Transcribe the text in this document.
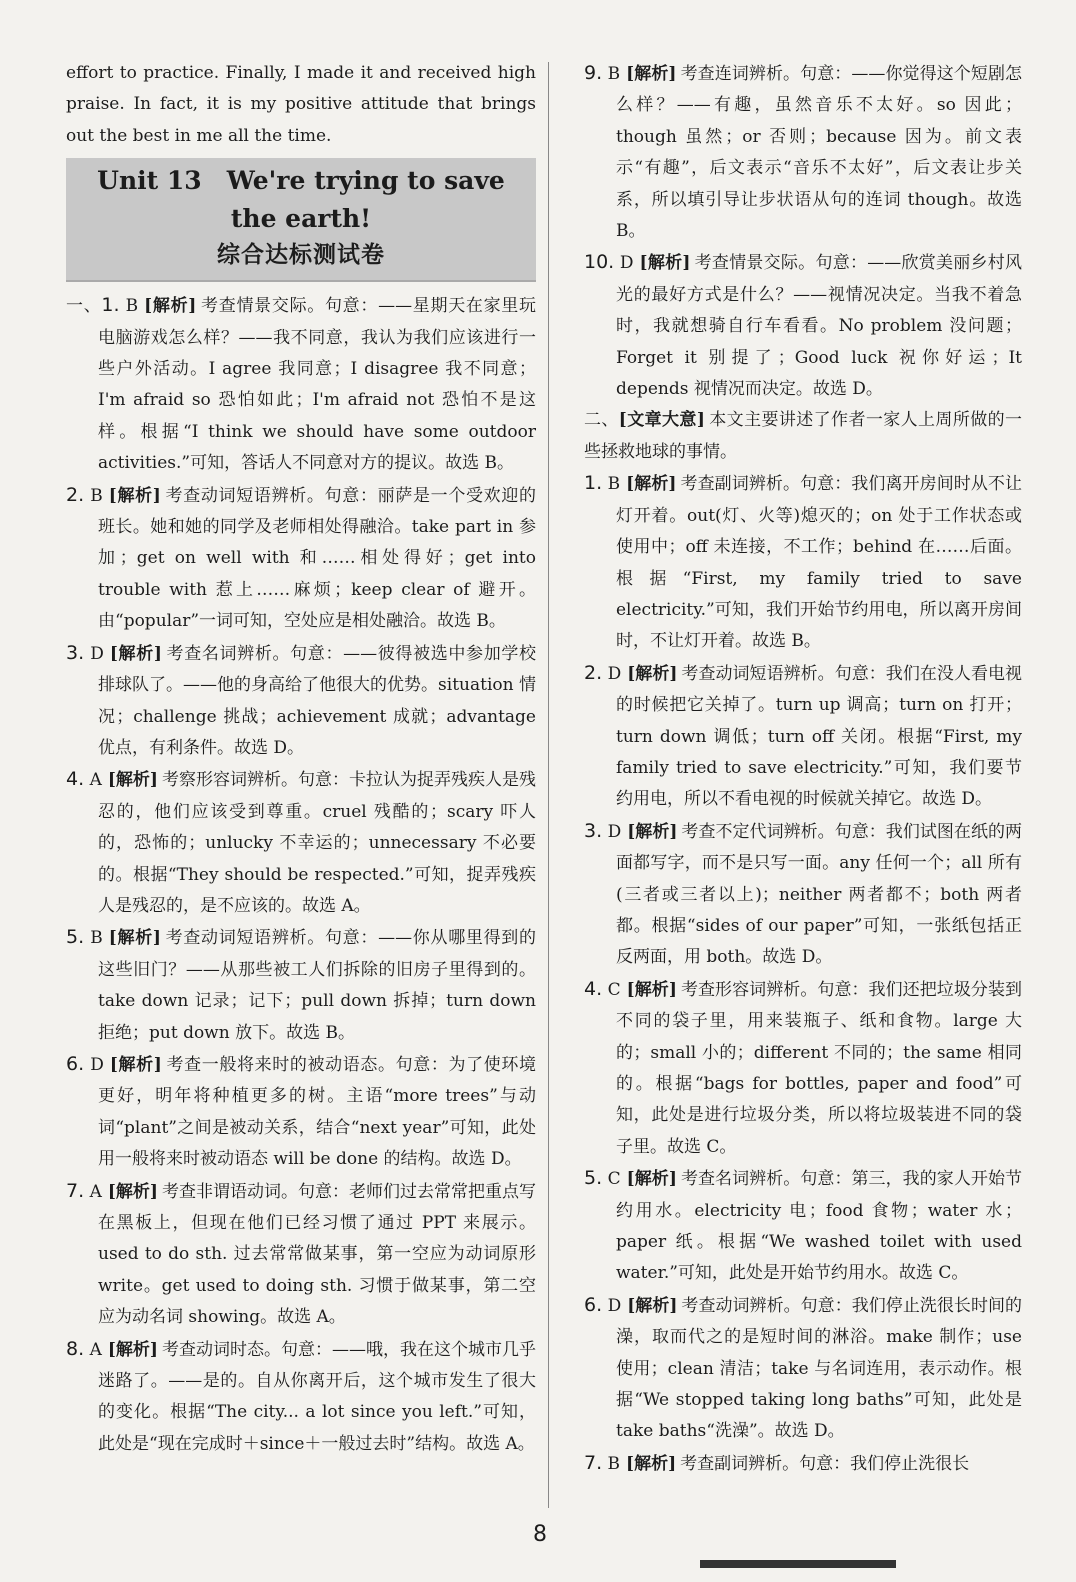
effort to practice. Finally, I made it and received high praise. In fact, it is my positive attitude that brings out the best in me all the time.

Unit 13　We're trying to save the earth!
综合达标测试卷

一、1. B [解析] 考查情景交际。句意：——星期天在家里玩电脑游戏怎么样？——我不同意，我认为我们应该进行一些户外活动。I agree 我同意；I disagree 我不同意；I'm afraid so 恐怕如此；I'm afraid not 恐怕不是这样。根据“I think we should have some outdoor activities.”可知，答话人不同意对方的提议。故选 B。

2. B [解析] 考查动词短语辨析。句意：丽萨是一个受欢迎的班长。她和她的同学及老师相处得融洽。take part in 参加；get on well with 和……相处得好；get into trouble with 惹上……麻烦；keep clear of 避开。由“popular”一词可知，空处应是相处融洽。故选 B。

3. D [解析] 考查名词辨析。句意：——彼得被选中参加学校排球队了。——他的身高给了他很大的优势。situation 情况；challenge 挑战；achievement 成就；advantage 优点，有利条件。故选 D。

4. A [解析] 考察形容词辨析。句意：卡拉认为捉弄残疾人是残忍的，他们应该受到尊重。cruel 残酷的；scary 吓人的，恐怖的；unlucky 不幸运的；unnecessary 不必要的。根据“They should be respected.”可知，捉弄残疾人是残忍的，是不应该的。故选 A。

5. B [解析] 考查动词短语辨析。句意：——你从哪里得到的这些旧门？——从那些被工人们拆除的旧房子里得到的。take down 记录；记下；pull down 拆掉；turn down 拒绝；put down 放下。故选 B。

6. D [解析] 考查一般将来时的被动语态。句意：为了使环境更好，明年将种植更多的树。主语“more trees”与动词“plant”之间是被动关系，结合“next year”可知，此处用一般将来时被动语态 will be done 的结构。故选 D。

7. A [解析] 考查非谓语动词。句意：老师们过去常常把重点写在黑板上，但现在他们已经习惯了通过 PPT 来展示。used to do sth. 过去常常做某事，第一空应为动词原形 write。get used to doing sth. 习惯于做某事，第二空应为动名词 showing。故选 A。

8. A [解析] 考查动词时态。句意：——哦，我在这个城市几乎迷路了。——是的。自从你离开后，这个城市发生了很大的变化。根据“The city... a lot since you left.”可知，此处是“现在完成时＋since＋一般过去时”结构。故选 A。

9. B [解析] 考查连词辨析。句意：——你觉得这个短剧怎么样？——有趣，虽然音乐不太好。so 因此；though 虽然；or 否则；because 因为。前文表示“有趣”，后文表示“音乐不太好”，后文表让步关系，所以填引导让步状语从句的连词 though。故选 B。

10. D [解析] 考查情景交际。句意：——欣赏美丽乡村风光的最好方式是什么？——视情况决定。当我不着急时，我就想骑自行车看看。No problem 没问题；Forget it 别提了；Good luck 祝你好运；It depends 视情况而决定。故选 D。

二、[文章大意] 本文主要讲述了作者一家人上周所做的一些拯救地球的事情。

1. B [解析] 考查副词辨析。句意：我们离开房间时从不让灯开着。out(灯、火等)熄灭的；on 处于工作状态或使用中；off 未连接，不工作；behind 在……后面。根据“First, my family tried to save electricity.”可知，我们开始节约用电，所以离开房间时，不让灯开着。故选 B。

2. D [解析] 考查动词短语辨析。句意：我们在没人看电视的时候把它关掉了。turn up 调高；turn on 打开；turn down 调低；turn off 关闭。根据“First, my family tried to save electricity.”可知，我们要节约用电，所以不看电视的时候就关掉它。故选 D。

3. D [解析] 考查不定代词辨析。句意：我们试图在纸的两面都写字，而不是只写一面。any 任何一个；all 所有(三者或三者以上)；neither 两者都不；both 两者都。根据“sides of our paper”可知，一张纸包括正反两面，用 both。故选 D。

4. C [解析] 考查形容词辨析。句意：我们还把垃圾分装到不同的袋子里，用来装瓶子、纸和食物。large 大的；small 小的；different 不同的；the same 相同的。根据“bags for bottles, paper and food”可知，此处是进行垃圾分类，所以将垃圾装进不同的袋子里。故选 C。

5. C [解析] 考查名词辨析。句意：第三，我的家人开始节约用水。electricity 电；food 食物；water 水；paper 纸。根据“We washed toilet with used water.”可知，此处是开始节约用水。故选 C。

6. D [解析] 考查动词辨析。句意：我们停止洗很长时间的澡，取而代之的是短时间的淋浴。make 制作；use 使用；clean 清洁；take 与名词连用，表示动作。根据“We stopped taking long baths”可知，此处是 take baths“洗澡”。故选 D。

7. B [解析] 考查副词辨析。句意：我们停止洗很长

8
